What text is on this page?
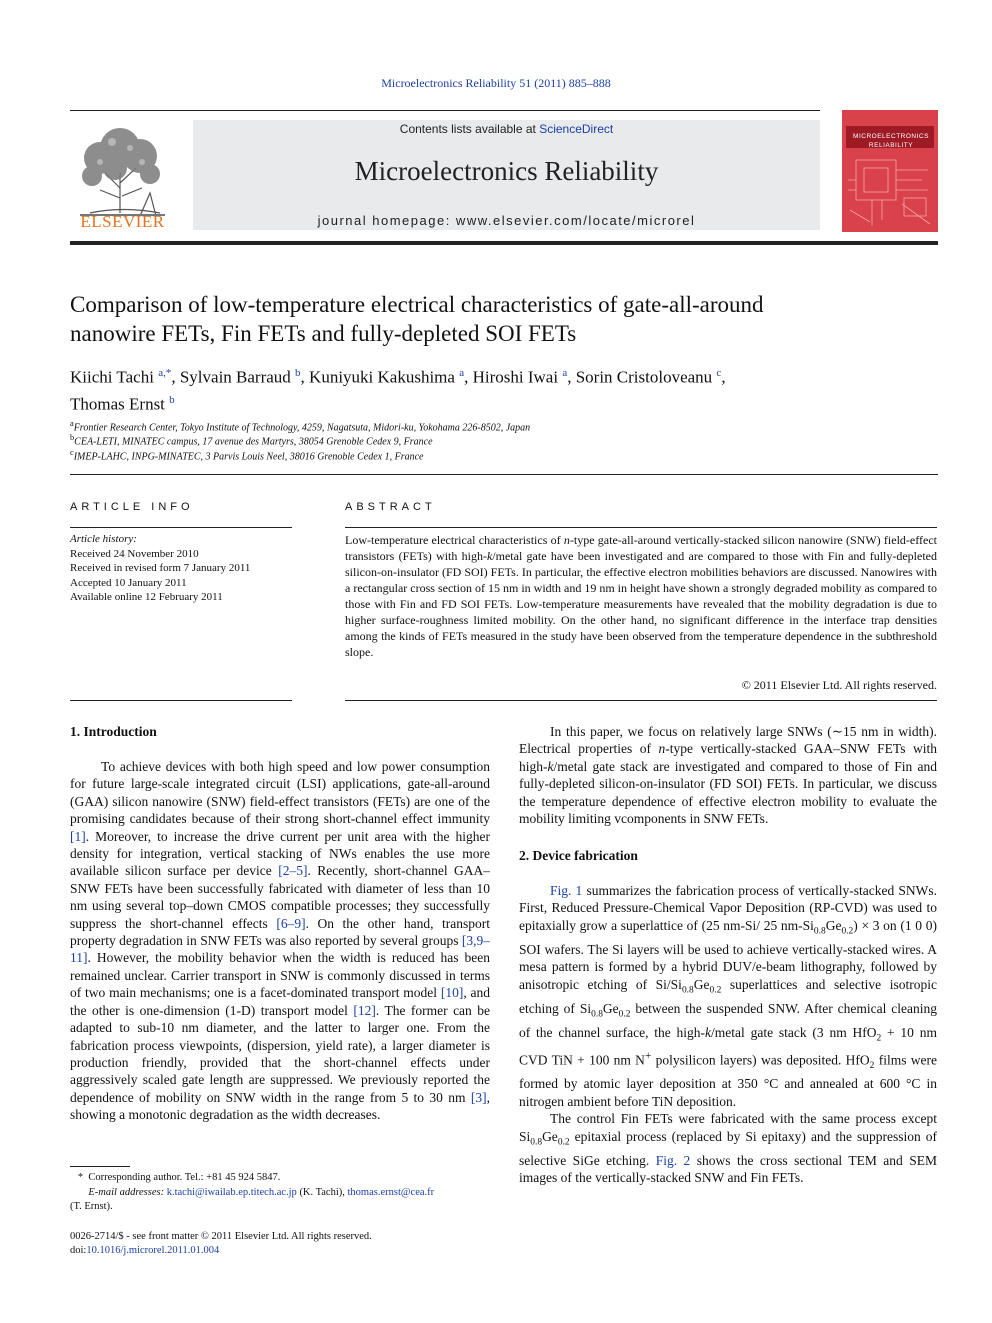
Microelectronics Reliability 51 (2011) 885–888
ELSEVIER
Contents lists available at ScienceDirect
Microelectronics Reliability
journal homepage: www.elsevier.com/locate/microrel
MICROELECTRONICS
RELIABILITY
Comparison of low-temperature electrical characteristics of gate-all-around
nanowire FETs, Fin FETs and fully-depleted SOI FETs
Kiichi Tachi $^{a,*}$, Sylvain Barraud $^b$, Kuniyuki Kakushima $^a$, Hiroshi Iwai $^a$, Sorin Cristoloveanu $^c$,
Thomas Ernst $^b$
$^a$Frontier Research Center, Tokyo Institute of Technology, 4259, Nagatsuta, Midori-ku, Yokohama 226-8502, Japan
$^b$CEA-LETI, MINATEC campus, 17 avenue des Martyrs, 38054 Grenoble Cedex 9, France
$^c$IMEP-LAHC, INPG-MINATEC, 3 Parvis Louis Neel, 38016 Grenoble Cedex 1, France
ARTICLE INFO
Article history:
Received 24 November 2010
Received in revised form 7 January 2011
Accepted 10 January 2011
Available online 12 February 2011
ABSTRACT
Low-temperature electrical characteristics of n-type gate-all-around vertically-stacked silicon nanowire (SNW) field-effect transistors (FETs) with high-k/metal gate have been investigated and are compared to those with Fin and fully-depleted silicon-on-insulator (FD SOI) FETs. In particular, the effective electron mobilities behaviors are discussed. Nanowires with a rectangular cross section of 15 nm in width and 19 nm in height have shown a strongly degraded mobility as compared to those with Fin and FD SOI FETs. Low-temperature measurements have revealed that the mobility degradation is due to higher surface-roughness limited mobility. On the other hand, no significant difference in the interface trap densities among the kinds of FETs measured in the study have been observed from the temperature dependence in the subthreshold slope.
© 2011 Elsevier Ltd. All rights reserved.
1. Introduction

To achieve devices with both high speed and low power consumption for future large-scale integrated circuit (LSI) applications, gate-all-around (GAA) silicon nanowire (SNW) field-effect transistors (FETs) are one of the promising candidates because of their strong short-channel effect immunity [1]. Moreover, to increase the drive current per unit area with the higher density for integration, vertical stacking of NWs enables the use more available silicon surface per device [2–5]. Recently, short-channel GAA–SNW FETs have been successfully fabricated with diameter of less than 10 nm using several top–down CMOS compatible processes; they successfully suppress the short-channel effects [6–9]. On the other hand, transport property degradation in SNW FETs was also reported by several groups [3,9–11]. However, the mobility behavior when the width is reduced has been remained unclear. Carrier transport in SNW is commonly discussed in terms of two main mechanisms; one is a facet-dominated transport model [10], and the other is one-dimension (1-D) transport model [12]. The former can be adapted to sub-10 nm diameter, and the latter to larger one. From the fabrication process viewpoints, (dispersion, yield rate), a larger diameter is production friendly, provided that the short-channel effects under aggressively scaled gate length are suppressed. We previously reported the dependence of mobility on SNW width in the range from 5 to 30 nm [3], showing a monotonic degradation as the width decreases.

* Corresponding author. Tel.: +81 45 924 5847.
E-mail addresses: k.tachi@iwailab.ep.titech.ac.jp (K. Tachi), thomas.ernst@cea.fr
(T. Ernst).
0026-2714/$ - see front matter © 2011 Elsevier Ltd. All rights reserved.
doi:10.1016/j.microrel.2011.01.004

In this paper, we focus on relatively large SNWs (∼15 nm in width). Electrical properties of n-type vertically-stacked GAA–SNW FETs with high-k/metal gate stack are investigated and compared to those of Fin and fully-depleted silicon-on-insulator (FD SOI) FETs. In particular, we discuss the temperature dependence of effective electron mobility to evaluate the mobility limiting vcomponents in SNW FETs.

2. Device fabrication

Fig. 1 summarizes the fabrication process of vertically-stacked SNWs. First, Reduced Pressure-Chemical Vapor Deposition (RP-CVD) was used to epitaxially grow a superlattice of (25 nm-Si/ 25 $nm-Si_{0.8}Ge_{0.2}) \times 3$ on (1 0 0) SOI wafers. The Si layers will be used to achieve vertically-stacked wires. A mesa pattern is formed by a hybrid DUV/e-beam lithography, followed by anisotropic etching of $Si/Si_{0.8}Ge_{0.2}$ superlattices and selective isotropic etching of $Si_{0.8}Ge_{0.2}$ between the suspended SNW. After chemical cleaning of the channel surface, the high-k/metal gate stack (3 nm HfO$_2$ + 10 nm CVD TiN + 100 nm N+ polysilicon layers) was deposited. HfO$_2$ films were formed by atomic layer deposition at 350 °C and annealed at 600 °C in nitrogen ambient before TiN deposition.

The control Fin FETs were fabricated with the same process except $Si_{0.8}Ge_{0.2}$ epitaxial process (replaced by Si epitaxy) and the suppression of selective SiGe etching. Fig. 2 shows the cross sectional TEM and SEM images of the vertically-stacked SNW and Fin FETs.
